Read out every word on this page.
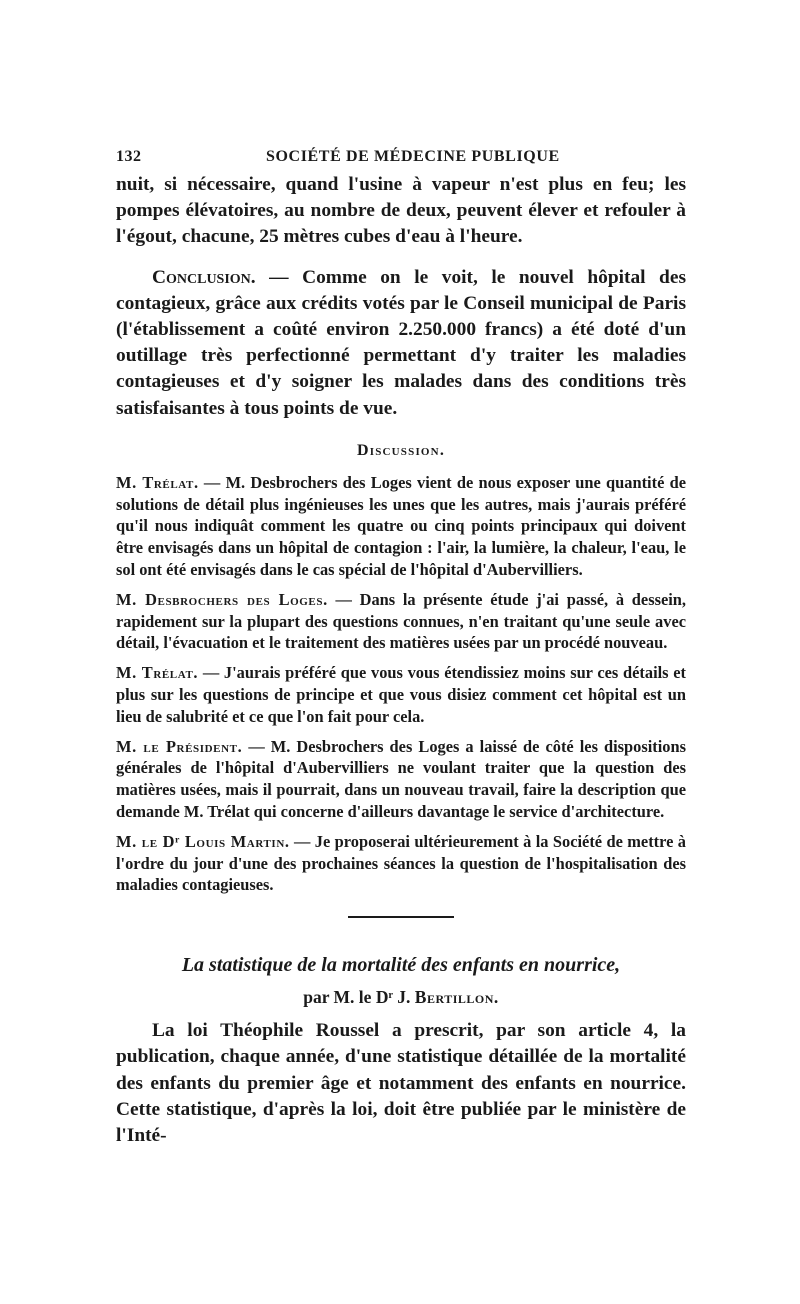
132	SOCIÉTÉ DE MÉDECINE PUBLIQUE

nuit, si nécessaire, quand l'usine à vapeur n'est plus en feu; les pompes élévatoires, au nombre de deux, peuvent élever et refouler à l'égout, chacune, 25 mètres cubes d'eau à l'heure.

Conclusion. — Comme on le voit, le nouvel hôpital des contagieux, grâce aux crédits votés par le Conseil municipal de Paris (l'établissement a coûté environ 2.250.000 francs) a été doté d'un outillage très perfectionné permettant d'y traiter les maladies contagieuses et d'y soigner les malades dans des conditions très satisfaisantes à tous points de vue.

Discussion.

M. Trélat. — M. Desbrochers des Loges vient de nous exposer une quantité de solutions de détail plus ingénieuses les unes que les autres, mais j'aurais préféré qu'il nous indiquât comment les quatre ou cinq points principaux qui doivent être envisagés dans un hôpital de contagion : l'air, la lumière, la chaleur, l'eau, le sol ont été envisagés dans le cas spécial de l'hôpital d'Aubervilliers.

M. Desbrochers des Loges. — Dans la présente étude j'ai passé, à dessein, rapidement sur la plupart des questions connues, n'en traitant qu'une seule avec détail, l'évacuation et le traitement des matières usées par un procédé nouveau.

M. Trélat. — J'aurais préféré que vous vous étendissiez moins sur ces détails et plus sur les questions de principe et que vous disiez comment cet hôpital est un lieu de salubrité et ce que l'on fait pour cela.

M. le Président. — M. Desbrochers des Loges a laissé de côté les dispositions générales de l'hôpital d'Aubervilliers ne voulant traiter que la question des matières usées, mais il pourrait, dans un nouveau travail, faire la description que demande M. Trélat qui concerne d'ailleurs davantage le service d'architecture.

M. le Dʳ Louis Martin. — Je proposerai ultérieurement à la Société de mettre à l'ordre du jour d'une des prochaines séances la question de l'hospitalisation des maladies contagieuses.

La statistique de la mortalité des enfants en nourrice,
par M. le Dʳ J. Bertillon.

La loi Théophile Roussel a prescrit, par son article 4, la publication, chaque année, d'une statistique détaillée de la mortalité des enfants du premier âge et notamment des enfants en nourrice. Cette statistique, d'après la loi, doit être publiée par le ministère de l'Inté-
